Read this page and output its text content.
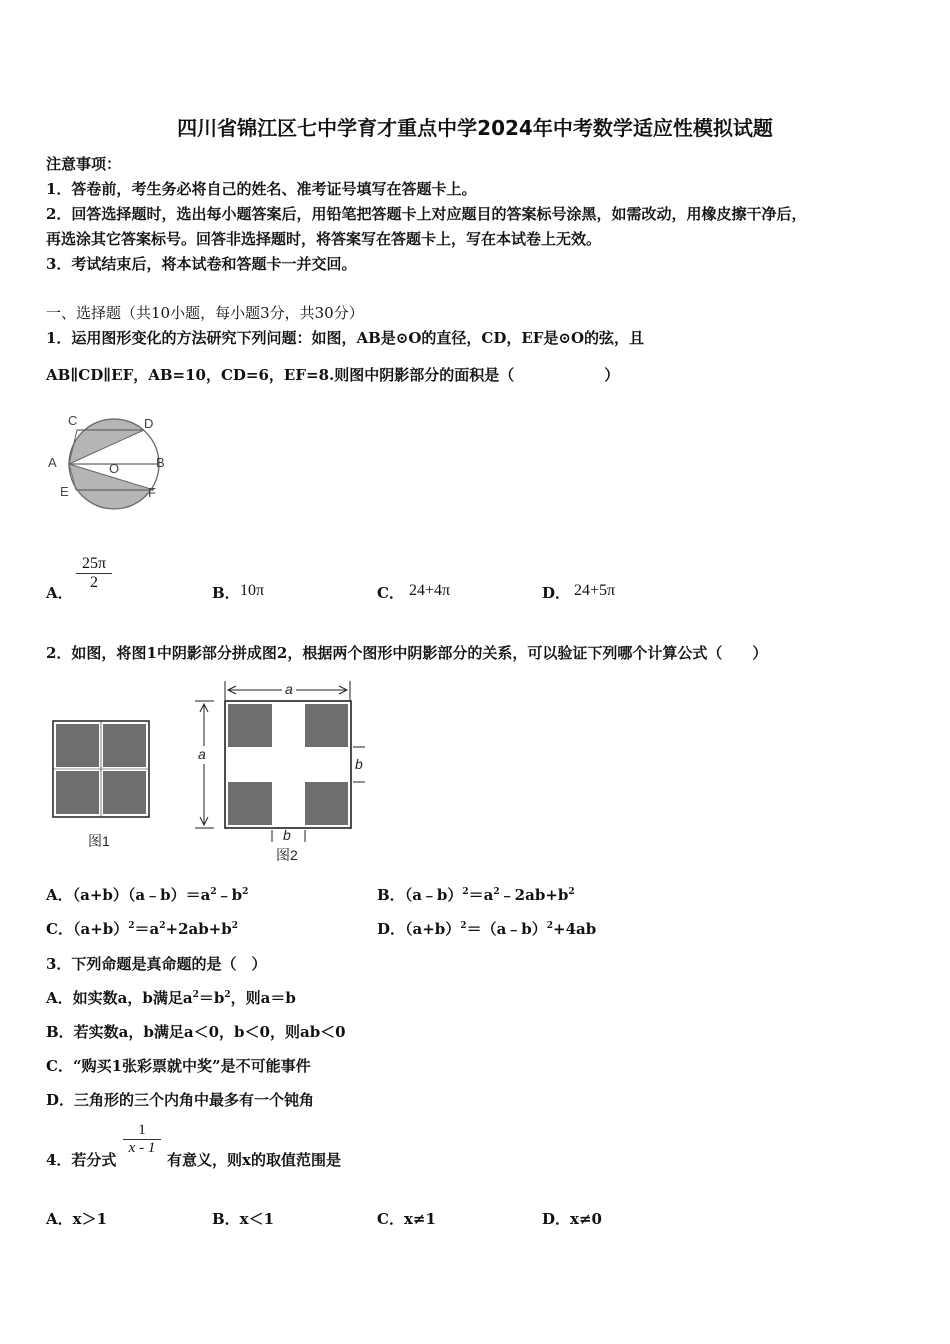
四川省锦江区七中学育才重点中学2024年中考数学适应性模拟试题
注意事项：
1．答卷前，考生务必将自己的姓名、准考证号填写在答题卡上。
2．回答选择题时，选出每小题答案后，用铅笔把答题卡上对应题目的答案标号涂黑，如需改动，用橡皮擦干净后，
再选涂其它答案标号。回答非选择题时，将答案写在答题卡上，写在本试卷上无效。
3．考试结束后，将本试卷和答题卡一并交回。
一、选择题（共10小题，每小题3分，共30分）
1．运用图形变化的方法研究下列问题：如图，AB是⊙O的直径，CD，EF是⊙O的弦，且
AB∥CD∥EF，AB=10，CD=6，EF=8.则图中阴影部分的面积是（　　　　　　）
C	D
A	O	B
E	F
A．
25π
2
B． 10π	C． 24+4π	D． 24+5π
2．如图，将图1中阴影部分拼成图2，根据两个图形中阴影部分的关系，可以验证下列哪个计算公式（　　）
图1
a
a
b
b
图2
A．$(a+b)(a﹣b)=a^2﹣b^2$	B．$(a﹣b)^2=a^2﹣2ab+b^2$
C．$(a+b)^2=a^2+2ab+b^2$	D．$(a+b)^2=(a﹣b)^2+4ab$
3．下列命题是真命题的是（　）
A．如实数a，b满足$a^2=b^2$，则a＝b
B．若实数a，b满足a＜0，b＜0，则ab＜0
C．“购买1张彩票就中奖”是不可能事件
D．三角形的三个内角中最多有一个钝角
4．若分式
1
x - 1
有意义，则x的取值范围是
A．x＞1	B．x＜1	C．x≠1	D．x≠0
